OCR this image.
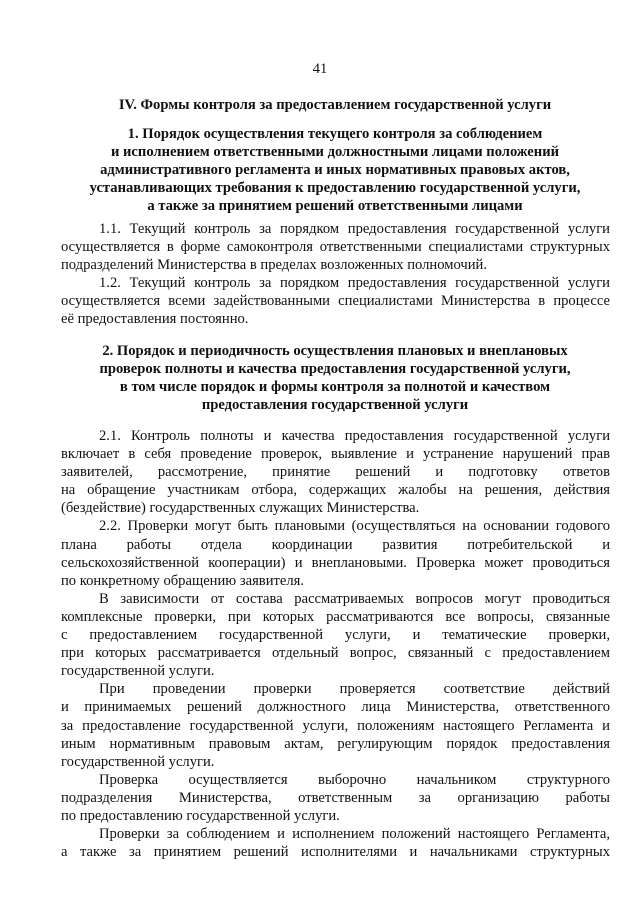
41
IV. Формы контроля за предоставлением государственной услуги
1. Порядок осуществления текущего контроля за соблюдением
и исполнением ответственными должностными лицами положений
административного регламента и иных нормативных правовых актов,
устанавливающих требования к предоставлению государственной услуги,
а также за принятием решений ответственными лицами
1.1. Текущий контроль за порядком предоставления государственной услуги
осуществляется в форме самоконтроля ответственными специалистами структурных
подразделений Министерства в пределах возложенных полномочий.
1.2. Текущий контроль за порядком предоставления государственной услуги
осуществляется всеми задействованными специалистами Министерства в процессе
её предоставления постоянно.
2. Порядок и периодичность осуществления плановых и внеплановых
проверок полноты и качества предоставления государственной услуги,
в том числе порядок и формы контроля за полнотой и качеством
предоставления государственной услуги
2.1. Контроль полноты и качества предоставления государственной услуги
включает в себя проведение проверок, выявление и устранение нарушений прав
заявителей, рассмотрение, принятие решений и подготовку ответов
на обращение участникам отбора, содержащих жалобы на решения, действия
(бездействие) государственных служащих Министерства.
2.2. Проверки могут быть плановыми (осуществляться на основании годового
плана работы отдела координации развития потребительской и
сельскохозяйственной кооперации) и внеплановыми. Проверка может проводиться
по конкретному обращению заявителя.
В зависимости от состава рассматриваемых вопросов могут проводиться
комплексные проверки, при которых рассматриваются все вопросы, связанные
с предоставлением государственной услуги, и тематические проверки,
при которых рассматривается отдельный вопрос, связанный с предоставлением
государственной услуги.
При проведении проверки проверяется соответствие действий
и принимаемых решений должностного лица Министерства, ответственного
за предоставление государственной услуги, положениям настоящего Регламента и
иным нормативным правовым актам, регулирующим порядок предоставления
государственной услуги.
Проверка осуществляется выборочно начальником структурного
подразделения Министерства, ответственным за организацию работы
по предоставлению государственной услуги.
Проверки за соблюдением и исполнением положений настоящего Регламента,
а также за принятием решений исполнителями и начальниками структурных
